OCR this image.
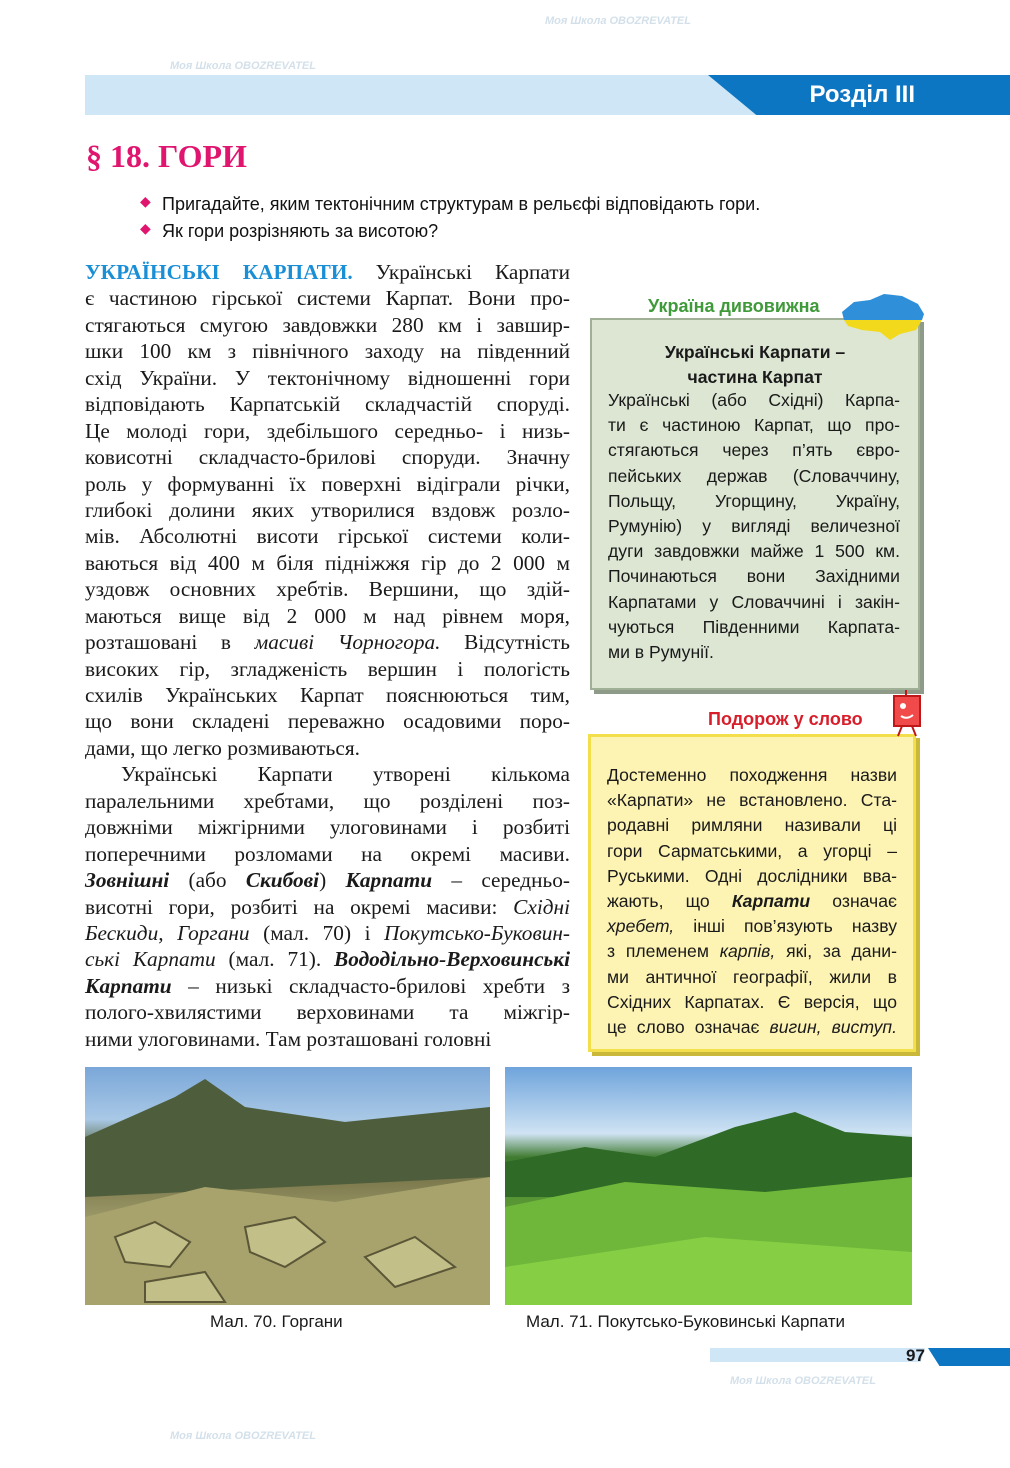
Розділ III
Моя Школа OBOZREVATEL
Моя Школа OBOZREVATEL
Моя Школа OBOZREVATEL
Моя Школа OBOZREVATEL
§ 18. ГОРИ
◆ Пригадайте, яким тектонічним структурам в рельєфі відповідають гори.
◆ Як гори розрізняють за висотою?
УКРАЇНСЬКІ КАРПАТИ. Українські Карпати
є частиною гірської системи Карпат. Вони про-
стягаються смугою завдовжки 280 км і завшир-
шки 100 км з північного заходу на південний
схід України. У тектонічному відношенні гори
відповідають Карпатській складчастій споруді.
Це молоді гори, здебільшого середньо- і низь-
ковисотні складчасто-брилові споруди. Значну
роль у формуванні їх поверхні відіграли річки,
глибокі долини яких утворилися вздовж розло-
мів. Абсолютні висоти гірської системи коли-
ваються від 400 м біля підніжжя гір до 2 000 м
уздовж основних хребтів. Вершини, що здій-
маються вище від 2 000 м над рівнем моря,
розташовані в масиві Чорногора. Відсутність
високих гір, згладженість вершин і пологість
схилів Українських Карпат пояснюються тим,
що вони складені переважно осадовими поро-
дами, що легко розмиваються.
Українські Карпати утворені кількома
паралельними хребтами, що розділені поз-
довжніми міжгірними улоговинами і розбиті
поперечними розломами на окремі масиви.
Зовнішні (або Скибові) Карпати – середньо-
висотні гори, розбиті на окремі масиви: Східні
Бескиди, Горгани (мал. 70) і Покутсько-Буковин-
ські Карпати (мал. 71). Вододільно-Верховинські
Карпати – низькі складчасто-брилові хребти з
полого-хвилястими верховинами та міжгір-
ними улоговинами. Там розташовані головні
Українські Карпати –
частина Карпат
Українські (або Східні) Карпа-
ти є частиною Карпат, що про-
стягаються через п’ять євро-
пейських держав (Словаччину,
Польщу, Угорщину, Україну,
Румунію) у вигляді величезної
дуги завдовжки майже 1 500 км.
Починаються вони Західними
Карпатами у Словаччині і закін-
чуються Південними Карпата-
ми в Румунії.
Україна дивовижна
Достеменно походження назви
«Карпати» не встановлено. Ста-
родавні римляни називали ці
гори Сарматськими, а угорці –
Руськими. Одні дослідники вва-
жають, що Карпати означає
хребет, інші пов’язують назву
з племенем карпів, які, за дани-
ми античної географії, жили в
Східних Карпатах. Є версія, що
це слово означає вигин, виступ.
Подорож у слово
Мал. 70. Горгани	Мал. 71. Покутсько-Буковинські Карпати
97
